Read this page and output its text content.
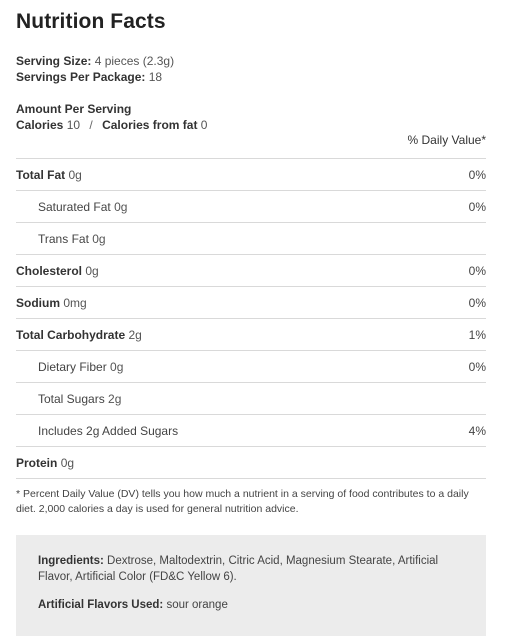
Nutrition Facts
Serving Size: 4 pieces (2.3g)
Servings Per Package: 18
Amount Per Serving
Calories 10 / Calories from fat 0
% Daily Value*
Total Fat 0g	0%
Saturated Fat 0g	0%
Trans Fat 0g
Cholesterol 0g	0%
Sodium 0mg	0%
Total Carbohydrate 2g	1%
Dietary Fiber 0g	0%
Total Sugars 2g
Includes 2g Added Sugars	4%
Protein 0g

* Percent Daily Value (DV) tells you how much a nutrient in a serving of food contributes to a daily diet. 2,000 calories a day is used for general nutrition advice.

Ingredients: Dextrose, Maltodextrin, Citric Acid, Magnesium Stearate, Artificial Flavor, Artificial Color (FD&C Yellow 6).

Artificial Flavors Used: sour orange
